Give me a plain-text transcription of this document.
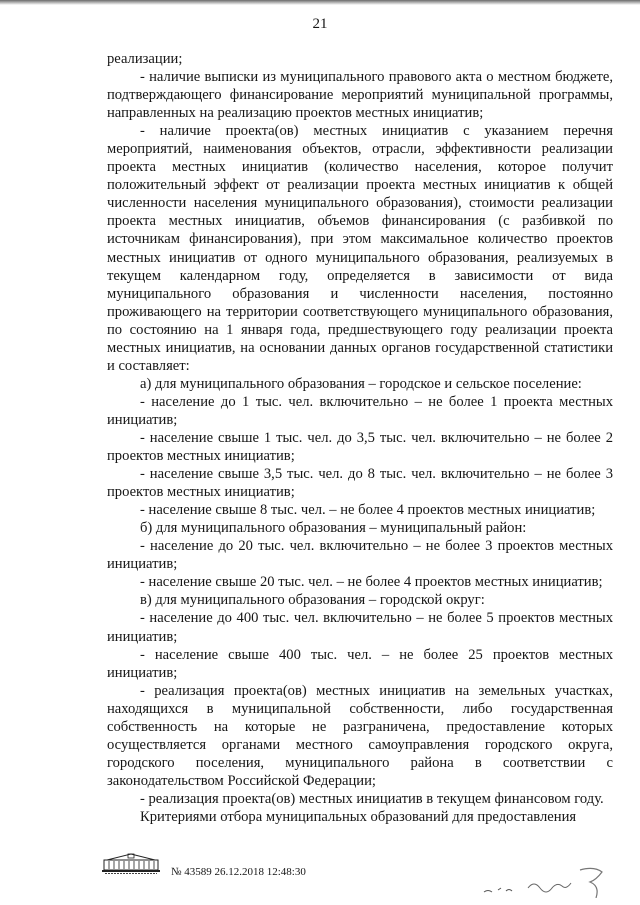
21

реализации;

- наличие выписки из муниципального правового акта о местном бюджете, подтверждающего финансирование мероприятий муниципальной программы, направленных на реализацию проектов местных инициатив;

- наличие проекта(ов) местных инициатив с указанием перечня мероприятий, наименования объектов, отрасли, эффективности реализации проекта местных инициатив (количество населения, которое получит положительный эффект от реализации проекта местных инициатив к общей численности населения муниципального образования), стоимости реализации проекта местных инициатив, объемов финансирования (с разбивкой по источникам финансирования), при этом максимальное количество проектов местных инициатив от одного муниципального образования, реализуемых в текущем календарном году, определяется в зависимости от вида муниципального образования и численности населения, постоянно проживающего на территории соответствующего муниципального образования, по состоянию на 1 января года, предшествующего году реализации проекта местных инициатив, на основании данных органов государственной статистики и составляет:

а) для муниципального образования – городское и сельское поселение:

- население до 1 тыс. чел. включительно – не более 1 проекта местных инициатив;

- население свыше 1 тыс. чел. до 3,5 тыс. чел. включительно – не более 2 проектов местных инициатив;

- население свыше 3,5 тыс. чел. до 8 тыс. чел. включительно – не более 3 проектов местных инициатив;

- население свыше 8 тыс. чел. – не более 4 проектов местных инициатив;

б) для муниципального образования – муниципальный район:

- население до 20 тыс. чел. включительно – не более 3 проектов местных инициатив;

- население свыше 20 тыс. чел. – не более 4 проектов местных инициатив;

в) для муниципального образования – городской округ:

- население до 400 тыс. чел. включительно – не более 5 проектов местных инициатив;

- население свыше 400 тыс. чел. – не более 25 проектов местных инициатив;

- реализация проекта(ов) местных инициатив на земельных участках, находящихся в муниципальной собственности, либо государственная собственность на которые не разграничена, предоставление которых осуществляется органами местного самоуправления городского округа, городского поселения, муниципального района в соответствии с законодательством Российской Федерации;

- реализация проекта(ов) местных инициатив в текущем финансовом году.

Критериями отбора муниципальных образований для предоставления

№ 43589 26.12.2018 12:48:30
